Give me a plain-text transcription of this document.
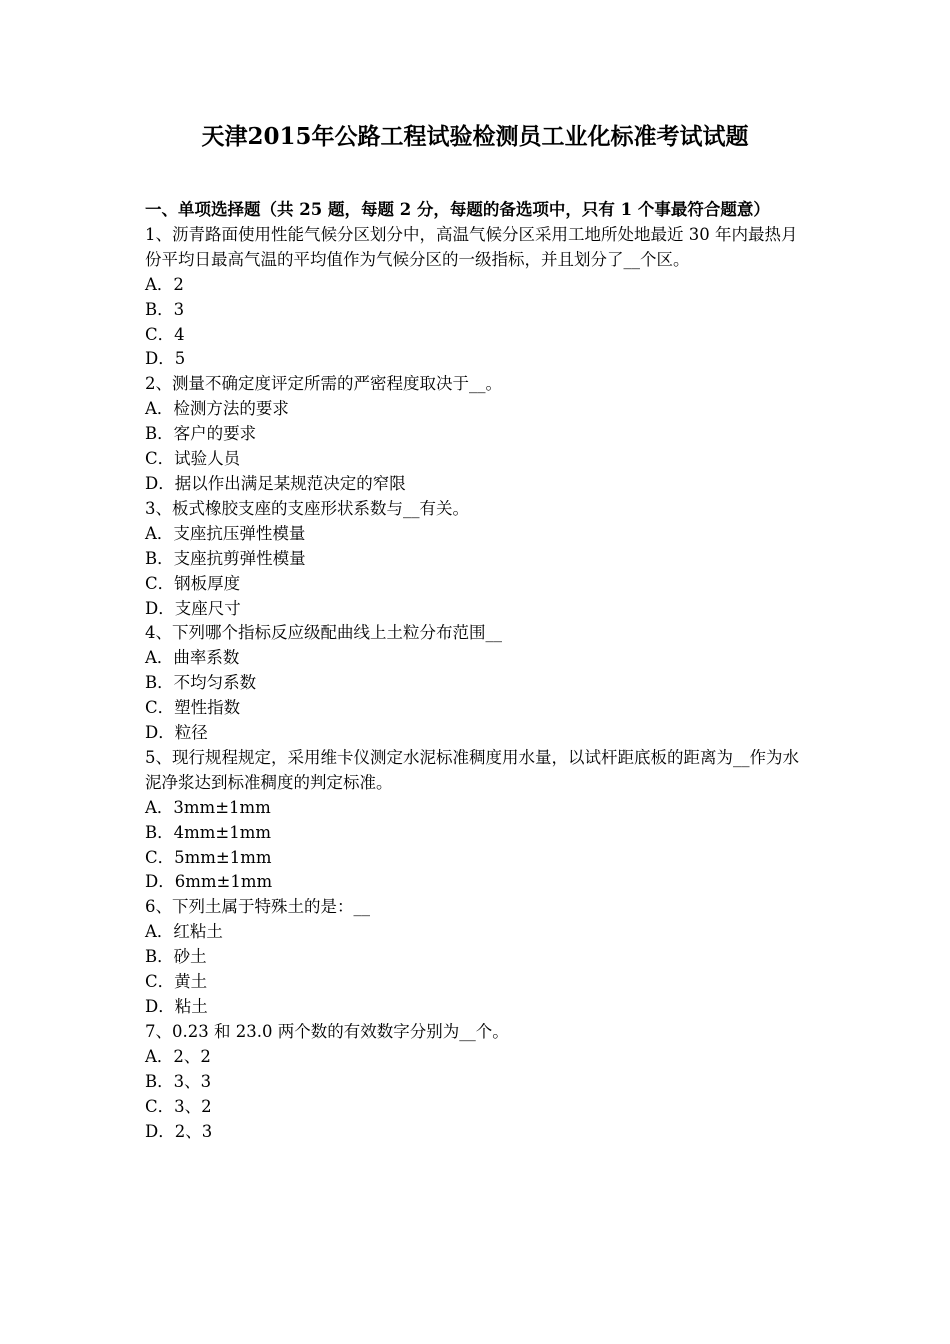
天津2015年公路工程试验检测员工业化标准考试试题
一、单项选择题（共 25 题，每题 2 分，每题的备选项中，只有 1 个事最符合题意）
1、沥青路面使用性能气候分区划分中，高温气候分区采用工地所处地最近 30 年内最热月份平均日最高气温的平均值作为气候分区的一级指标，并且划分了__个区。
A．2
B．3
C．4
D．5
2、测量不确定度评定所需的严密程度取决于__。
A．检测方法的要求
B．客户的要求
C．试验人员
D．据以作出满足某规范决定的窄限
3、板式橡胶支座的支座形状系数与__有关。
A．支座抗压弹性模量
B．支座抗剪弹性模量
C．钢板厚度
D．支座尺寸
4、下列哪个指标反应级配曲线上土粒分布范围__
A．曲率系数
B．不均匀系数
C．塑性指数
D．粒径
5、现行规程规定，采用维卡仪测定水泥标准稠度用水量，以试杆距底板的距离为__作为水泥净浆达到标准稠度的判定标准。
A．3mm±1mm
B．4mm±1mm
C．5mm±1mm
D．6mm±1mm
6、下列土属于特殊土的是：__
A．红粘土
B．砂土
C．黄土
D．粘土
7、0.23 和 23.0 两个数的有效数字分别为__个。
A．2、2
B．3、3
C．3、2
D．2、3
